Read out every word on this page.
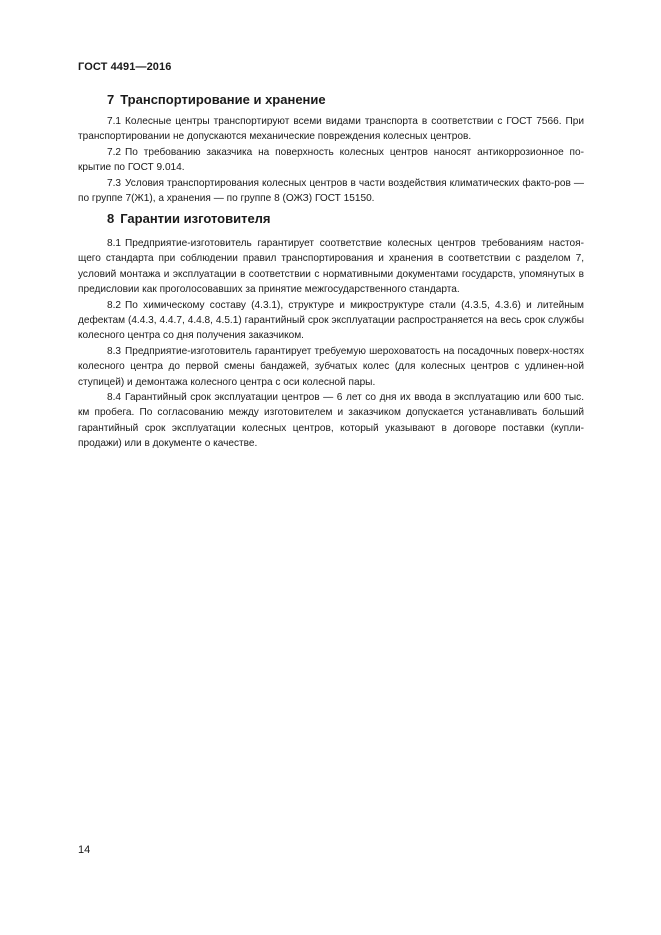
ГОСТ 4491—2016
7 Транспортирование и хранение

7.1 Колесные центры транспортируют всеми видами транспорта в соответствии с ГОСТ 7566. При транспортировании не допускаются механические повреждения колесных центров.

7.2 По требованию заказчика на поверхность колесных центров наносят антикоррозионное по-крытие по ГОСТ 9.014.

7.3 Условия транспортирования колесных центров в части воздействия климатических факто-ров — по группе 7(Ж1), а хранения — по группе 8 (ОЖЗ) ГОСТ 15150.

8 Гарантии изготовителя

8.1 Предприятие-изготовитель гарантирует соответствие колесных центров требованиям настоя-щего стандарта при соблюдении правил транспортирования и хранения в соответствии с разделом 7, условий монтажа и эксплуатации в соответствии с нормативными документами государств, упомянутых в предисловии как проголосовавших за принятие межгосударственного стандарта.

8.2 По химическому составу (4.3.1), структуре и микроструктуре стали (4.3.5, 4.3.6) и литейным дефектам (4.4.3, 4.4.7, 4.4.8, 4.5.1) гарантийный срок эксплуатации распространяется на весь срок службы колесного центра со дня получения заказчиком.

8.3 Предприятие-изготовитель гарантирует требуемую шероховатость на посадочных поверх-ностях колесного центра до первой смены бандажей, зубчатых колес (для колесных центров с удлинен-ной ступицей) и демонтажа колесного центра с оси колесной пары.

8.4 Гарантийный срок эксплуатации центров — 6 лет со дня их ввода в эксплуатацию или 600 тыс. км пробега. По согласованию между изготовителем и заказчиком допускается устанавливать больший гарантийный срок эксплуатации колесных центров, который указывают в договоре поставки (купли-продажи) или в документе о качестве.

14
